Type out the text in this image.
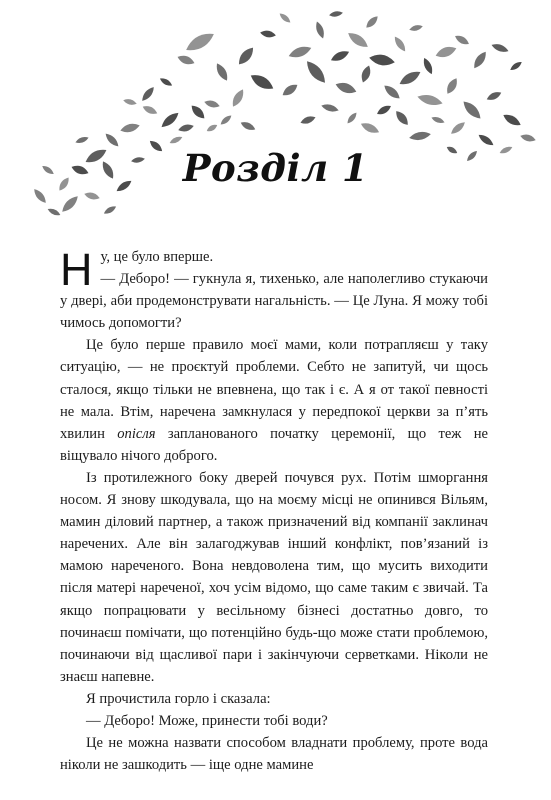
Розділ 1

Ну, це було вперше.
— Деборо! — гукнула я, тихенько, але наполегливо стукаючи у двері, аби продемонструвати нагальність. — Це Луна. Я можу тобі чимось допомогти?

Це було перше правило моєї мами, коли потрапляєш у таку ситуацію, — не проєктуй проблеми. Себто не запитуй, чи щось сталося, якщо тільки не впевнена, що так і є. А я от такої певності не мала. Втім, наречена замкнулася у передпокої церкви за п’ять хвилин опісля запланованого початку церемонії, що теж не віщувало нічого доброго.

Із протилежного боку дверей почувся рух. Потім шморгання носом. Я знову шкодувала, що на моєму місці не опинився Вільям, мамин діловий партнер, а також призначений від компанії заклинач наречених. Але він залагоджував інший конфлікт, пов’язаний із мамою нареченого. Вона невдоволена тим, що мусить виходити після матері нареченої, хоч усім відомо, що саме таким є звичай. Та якщо попрацювати у весільному бізнесі достатньо довго, то починаєш помічати, що потенційно будь-що може стати проблемою, починаючи від щасливої пари і закінчуючи серветками. Ніколи не знаєш напевне.

Я прочистила горло і сказала:

— Деборо! Може, принести тобі води?

Це не можна назвати способом владнати проблему, проте вода ніколи не зашкодить — іще одне мамине
